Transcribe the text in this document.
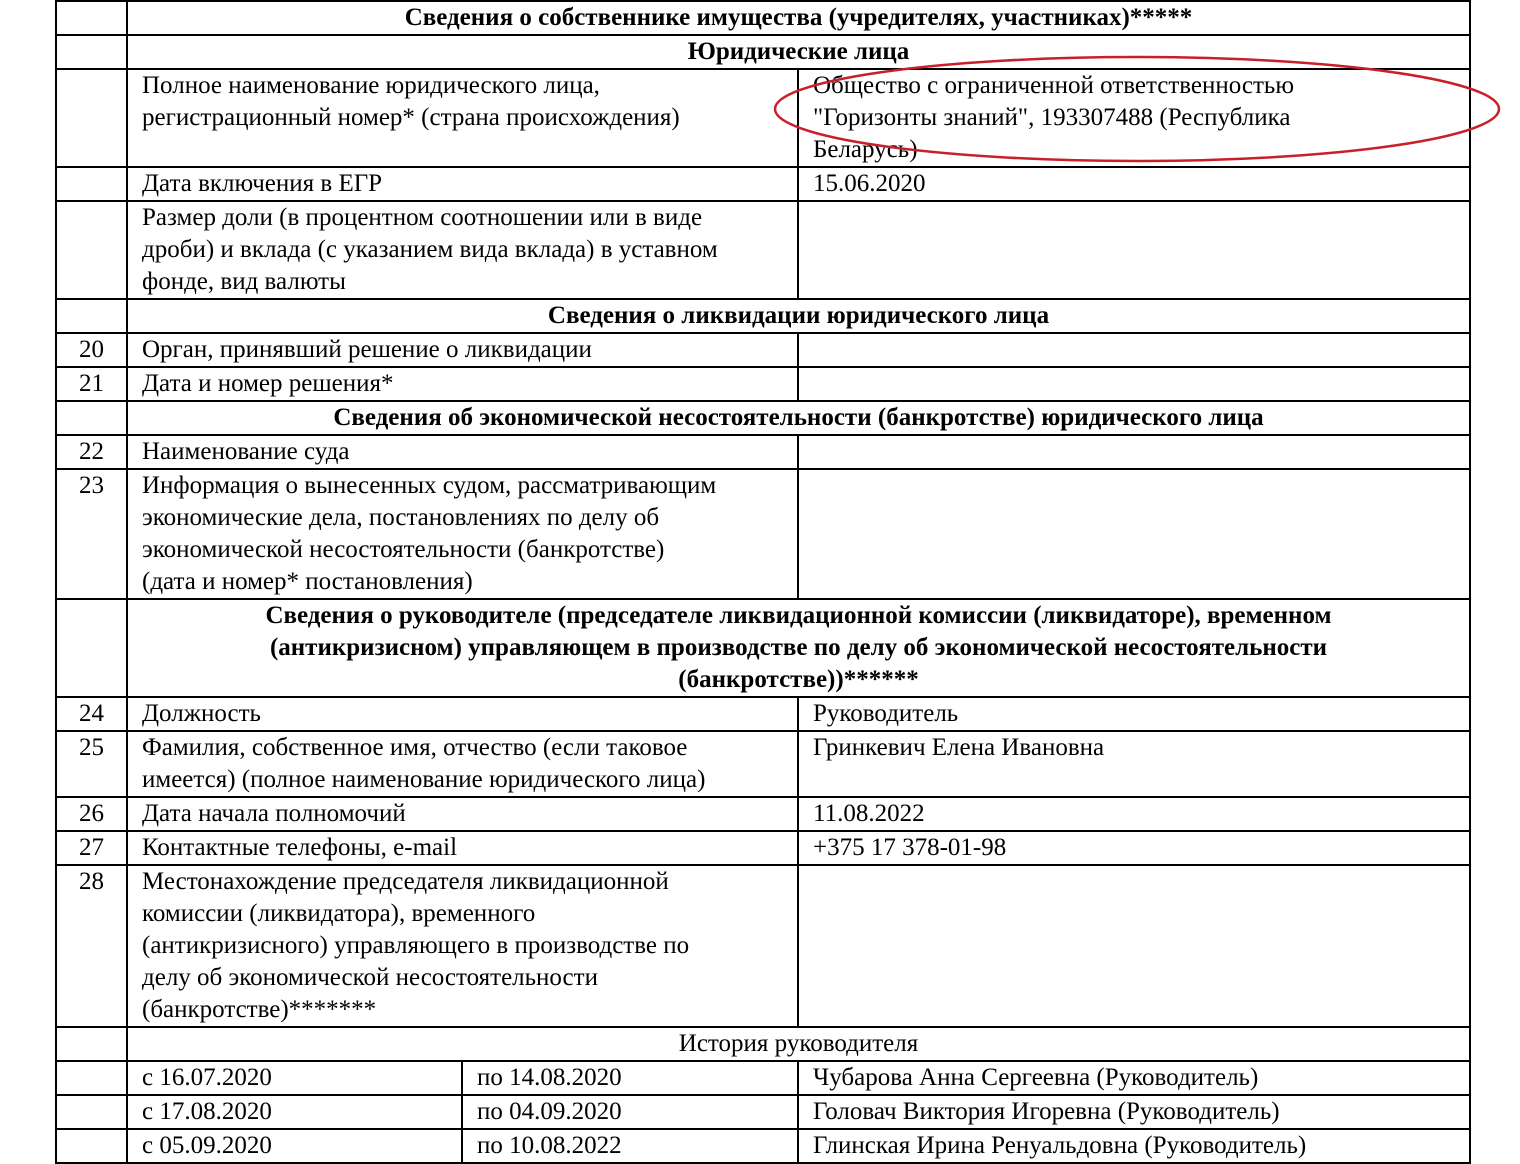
	Сведения о собственнике имущества (учредителях, участниках)*****		
	Юридические лица		

	Полное наименование юридического лица,
регистрационный номер* (страна происхождения)		Общество с ограниченной ответственностью
"Горизонты знаний", 193307488 (Республика
Беларусь)

	Дата включения в ЕГР		15.06.2020

	Размер доли (в процентном соотношении или в виде
дроби) и вклада (с указанием вида вклада) в уставном
фонде, вид валюты		

	Сведения о ликвидации юридического лица		

20	Орган, принявший решение о ликвидации		

21	Дата и номер решения*		

	Сведения об экономической несостоятельности (банкротстве) юридического лица		

22	Наименование суда		

23	Информация о вынесенных судом, рассматривающим
экономические дела, постановлениях по делу об
экономической несостоятельности (банкротстве)
(дата и номер* постановления)		

	Сведения о руководителе (председателе ликвидационной комиссии (ликвидаторе), временном
(антикризисном) управляющем в производстве по делу об экономической несостоятельности
(банкротстве))******		

24	Должность		Руководитель

25	Фамилия, собственное имя, отчество (если таковое
имеется) (полное наименование юридического лица)		Гринкевич Елена Ивановна

26	Дата начала полномочий		11.08.2022

27	Контактные телефоны, e-mail		+375 17 378-01-98

28	Местонахождение председателя ликвидационной
комиссии (ликвидатора), временного
(антикризисного) управляющего в производстве по
делу об экономической несостоятельности
(банкротстве)*******		

	История руководителя		

	с 16.07.2020	по 14.08.2020	Чубарова Анна Сергеевна (Руководитель)
	с 17.08.2020	по 04.09.2020	Головач Виктория Игоревна (Руководитель)
	с 05.09.2020	по 10.08.2022	Глинская Ирина Ренуальдовна (Руководитель)
